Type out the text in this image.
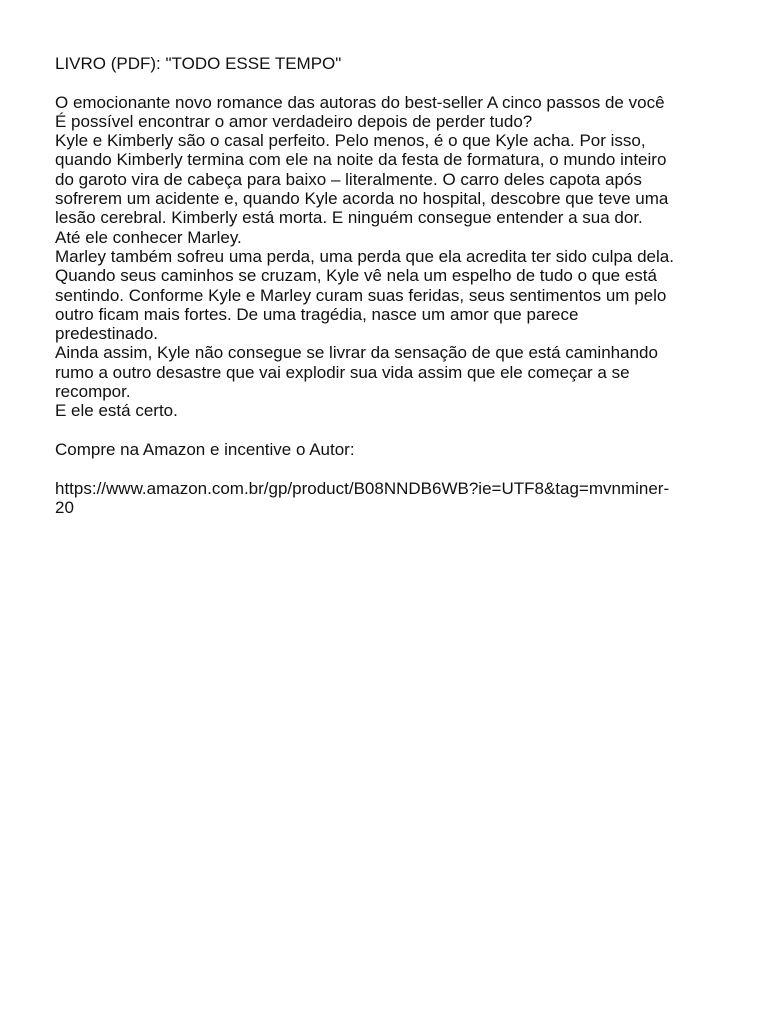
LIVRO (PDF): "TODO ESSE TEMPO"
O emocionante novo romance das autoras do best-seller A cinco passos de você
É possível encontrar o amor verdadeiro depois de perder tudo?
Kyle e Kimberly são o casal perfeito. Pelo menos, é o que Kyle acha. Por isso,
quando Kimberly termina com ele na noite da festa de formatura, o mundo inteiro
do garoto vira de cabeça para baixo – literalmente. O carro deles capota após
sofrerem um acidente e, quando Kyle acorda no hospital, descobre que teve uma
lesão cerebral. Kimberly está morta. E ninguém consegue entender a sua dor.
Até ele conhecer Marley.
Marley também sofreu uma perda, uma perda que ela acredita ter sido culpa dela.
Quando seus caminhos se cruzam, Kyle vê nela um espelho de tudo o que está
sentindo. Conforme Kyle e Marley curam suas feridas, seus sentimentos um pelo
outro ficam mais fortes. De uma tragédia, nasce um amor que parece
predestinado.
Ainda assim, Kyle não consegue se livrar da sensação de que está caminhando
rumo a outro desastre que vai explodir sua vida assim que ele começar a se
recompor.
E ele está certo.
Compre na Amazon e incentive o Autor:
https://www.amazon.com.br/gp/product/B08NNDB6WB?ie=UTF8&tag=mvnminer-
20
